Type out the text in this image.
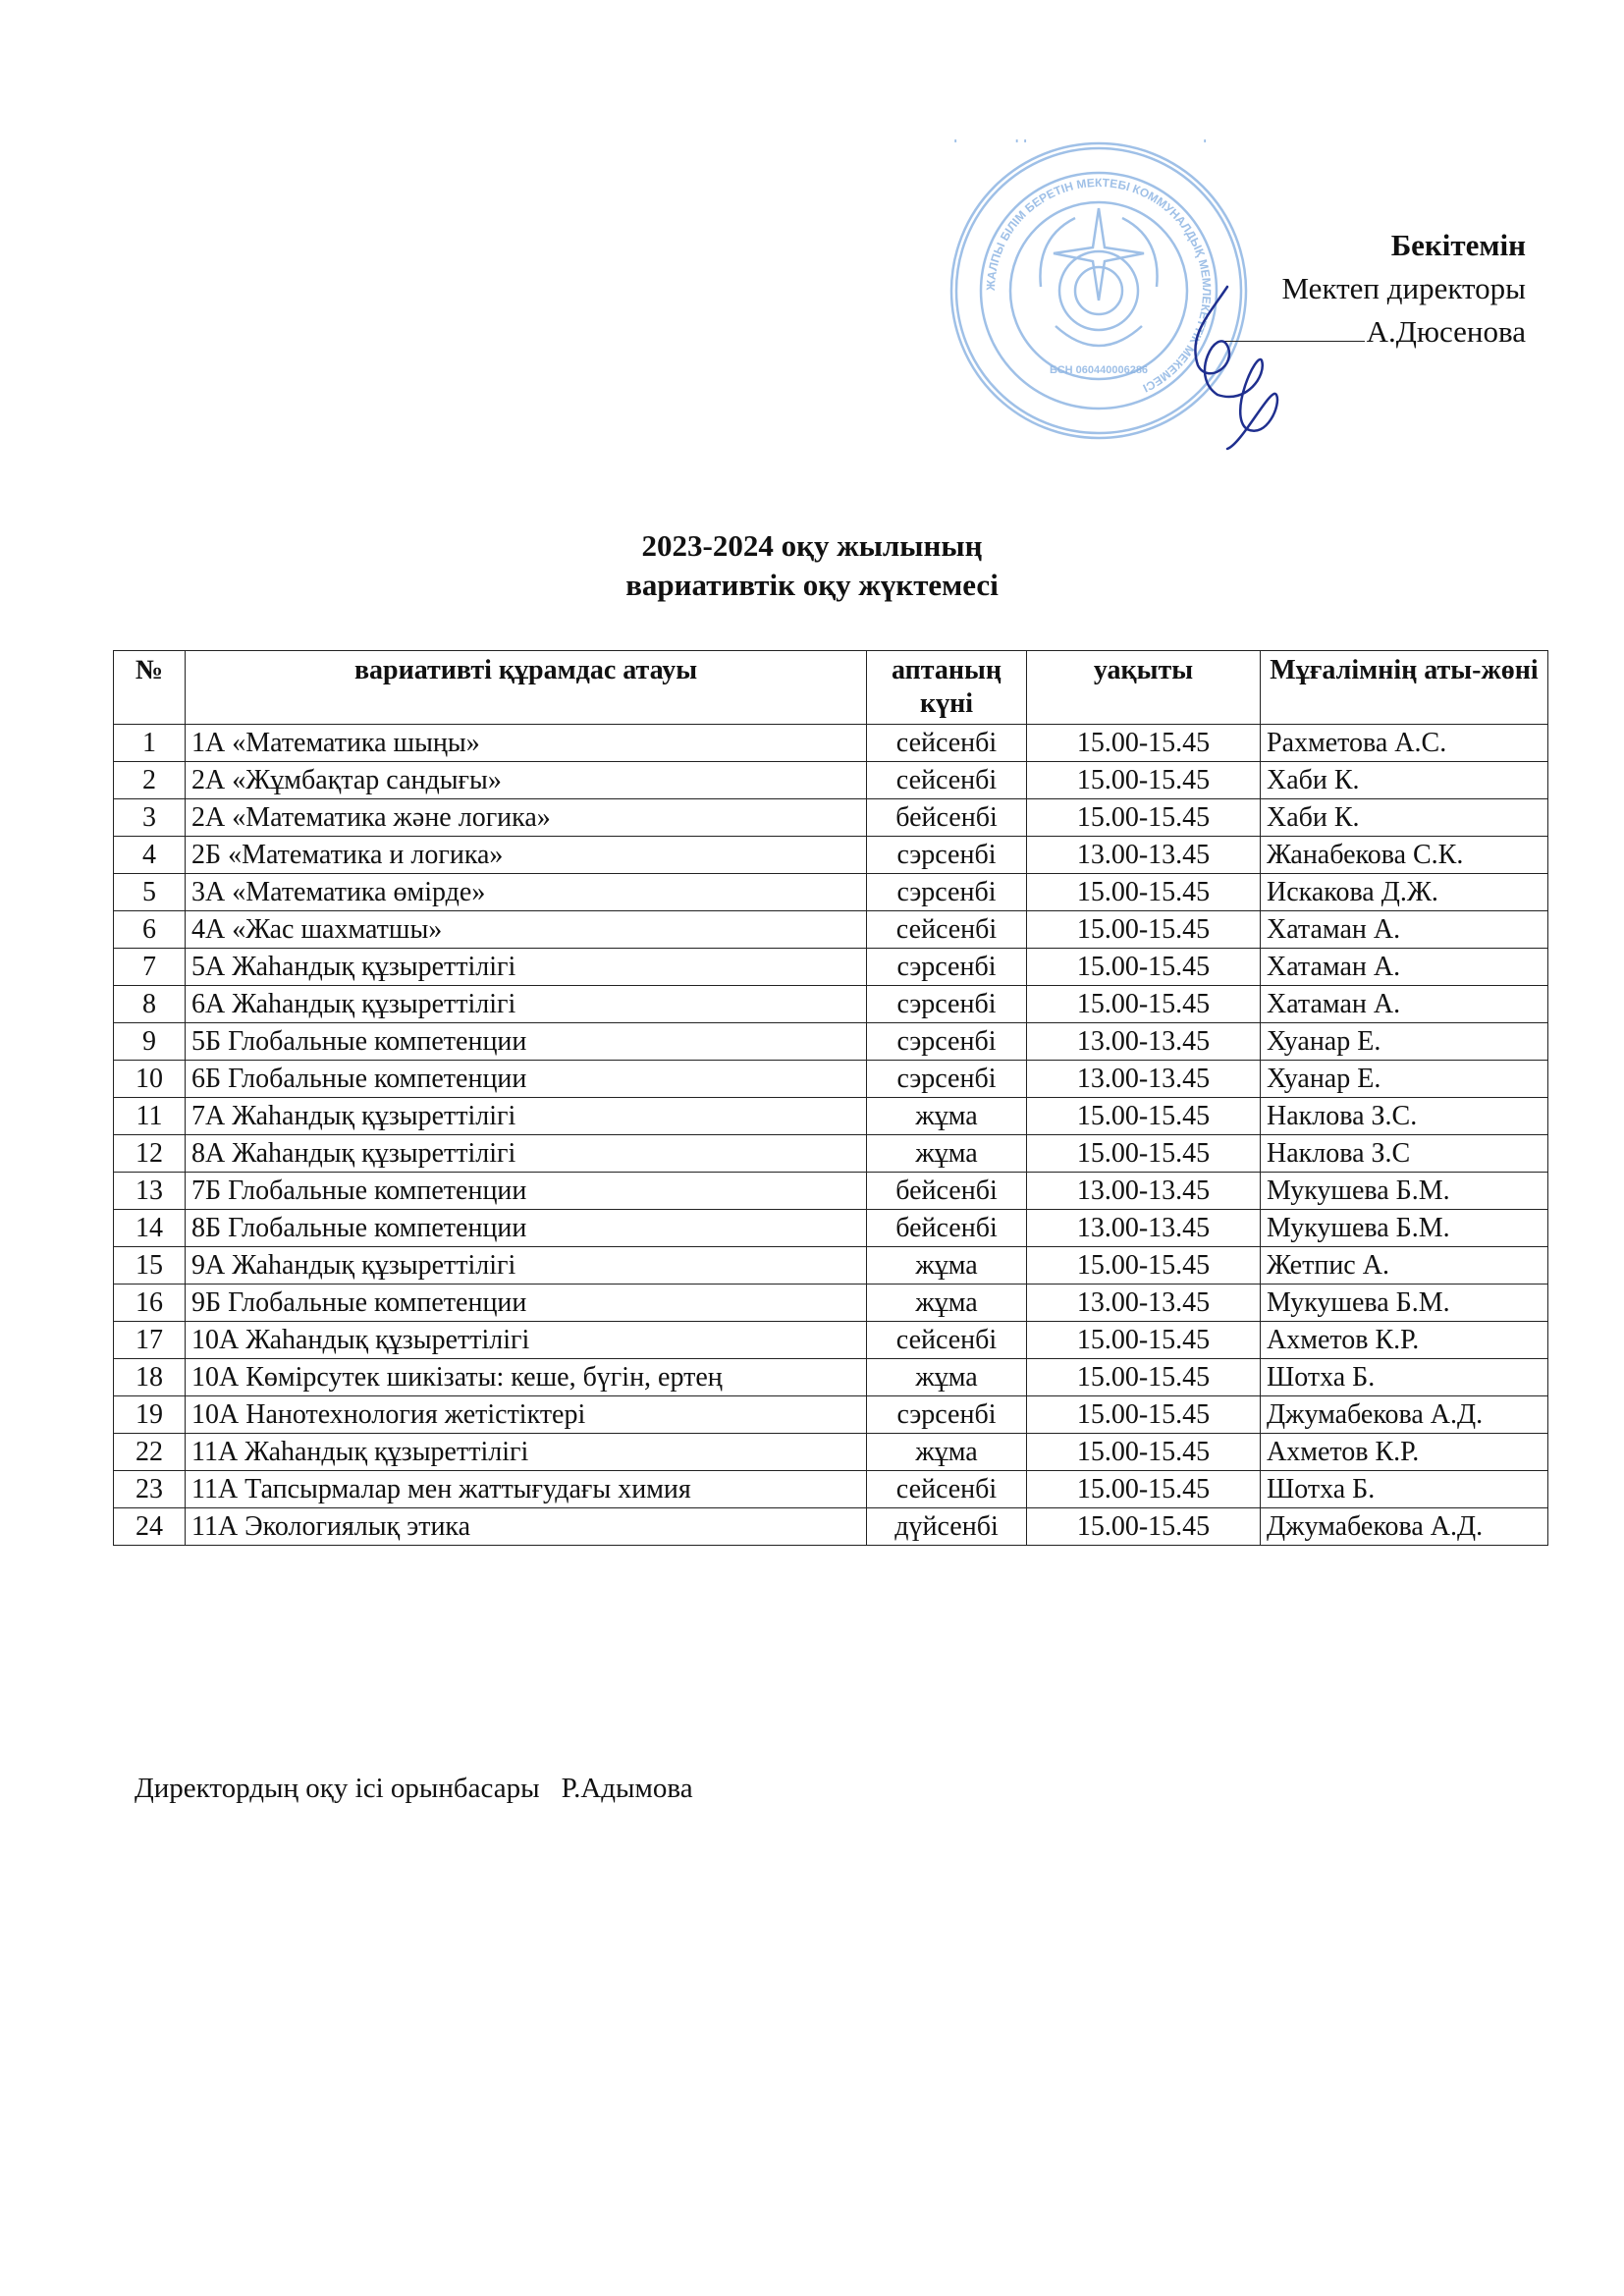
ЖАЛПЫ БІЛІМ БЕРЕТІН МЕКТЕБІ КОММУНАЛДЫҚ МЕМЛЕКЕТТІК МЕКЕМЕСІ
БСН 060440006286
Бекітемін
Мектеп директоры
А.Дюсенова
2023-2024 оқу жылының
вариативтік оқу жүктемесі
№	вариативті құрамдас атауы	аптаның күні	уақыты	Мұғалімнің аты-жөні
1	1А «Математика шыңы»	сейсенбі	15.00-15.45	Рахметова А.С.
2	2А «Жұмбақтар сандығы»	сейсенбі	15.00-15.45	Хаби К.
3	2А «Математика және логика»	бейсенбі	15.00-15.45	Хаби К.
4	2Б «Математика и логика»	сэрсенбі	13.00-13.45	Жанабекова С.К.
5	3А «Математика өмірде»	сэрсенбі	15.00-15.45	Искакова Д.Ж.
6	4А «Жас шахматшы»	сейсенбі	15.00-15.45	Хатаман А.
7	5А Жаһандық құзыреттілігі	сэрсенбі	15.00-15.45	Хатаман А.
8	6А Жаһандық құзыреттілігі	сэрсенбі	15.00-15.45	Хатаман А.
9	5Б Глобальные компетенции	сэрсенбі	13.00-13.45	Хуанар Е.
10	6Б Глобальные компетенции	сэрсенбі	13.00-13.45	Хуанар Е.
11	7А Жаһандық құзыреттілігі	жұма	15.00-15.45	Наклова З.С.
12	8А Жаһандық құзыреттілігі	жұма	15.00-15.45	Наклова З.С
13	7Б Глобальные компетенции	бейсенбі	13.00-13.45	Мукушева Б.М.
14	8Б Глобальные компетенции	бейсенбі	13.00-13.45	Мукушева Б.М.
15	9А Жаһандық құзыреттілігі	жұма	15.00-15.45	Жетпис А.
16	9Б Глобальные компетенции	жұма	13.00-13.45	Мукушева Б.М.
17	10А Жаһандық құзыреттілігі	сейсенбі	15.00-15.45	Ахметов К.Р.
18	10А Көмірсутек шикізаты: кеше, бүгін, ертең	жұма	15.00-15.45	Шотха Б.
19	10А Нанотехнология жетістіктері	сэрсенбі	15.00-15.45	Джумабекова А.Д.
22	11А Жаһандық құзыреттілігі	жұма	15.00-15.45	Ахметов К.Р.
23	11А Тапсырмалар мен жаттығудағы химия	сейсенбі	15.00-15.45	Шотха Б.
24	11А Экологиялық этика	дүйсенбі	15.00-15.45	Джумабекова А.Д.
Директордың оқу ісі орынбасары Р.Адымова
